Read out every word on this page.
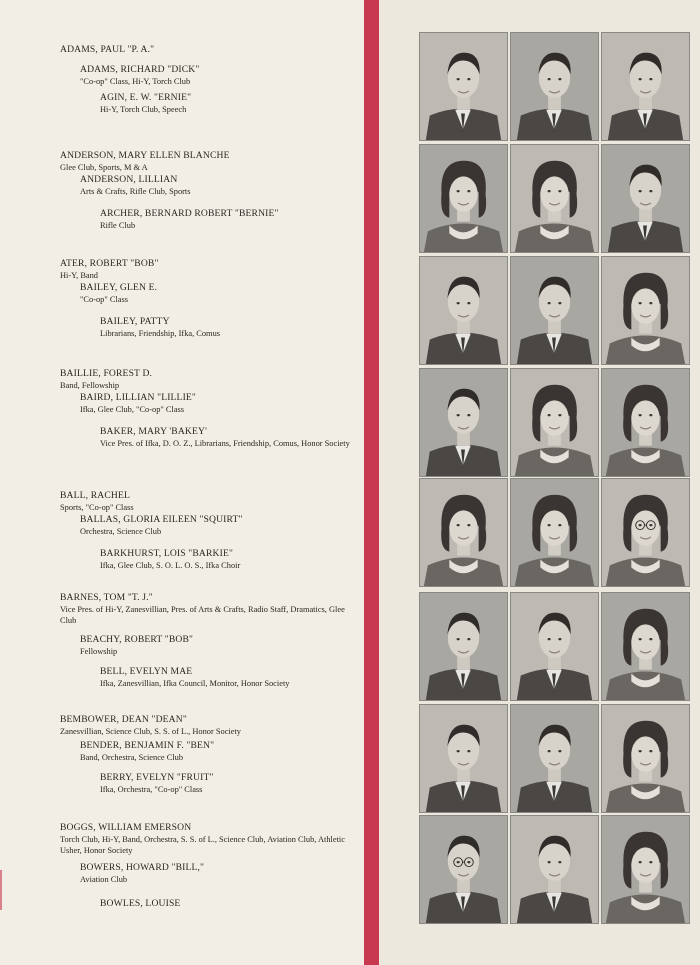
ADAMS, PAUL "P. A."
ADAMS, RICHARD "DICK"
"Co-op" Class, Hi-Y, Torch Club
AGIN, E. W. "ERNIE"
Hi-Y, Torch Club, Speech
ANDERSON, MARY ELLEN BLANCHE
Glee Club, Sports, M & A
ANDERSON, LILLIAN
Arts & Crafts, Rifle Club, Sports
ARCHER, BERNARD ROBERT "BERNIE"
Rifle Club
ATER, ROBERT "BOB"
Hi-Y, Band
BAILEY, GLEN E.
"Co-op" Class
BAILEY, PATTY
Librarians, Friendship, Ifka, Comus
BAILLIE, FOREST D.
Band, Fellowship
BAIRD, LILLIAN "LILLIE"
Ifka, Glee Club, "Co-op" Class
BAKER, MARY 'BAKEY'
Vice Pres. of Ifka, D. O. Z., Librarians, Friendship, Comus, Honor Society
BALL, RACHEL
Sports, "Co-op" Class
BALLAS, GLORIA EILEEN "SQUIRT"
Orchestra, Science Club
BARKHURST, LOIS "BARKIE"
Ifka, Glee Club, S. O. L. O. S., Ifka Choir
BARNES, TOM "T. J."
Vice Pres. of Hi-Y, Zanesvillian, Pres. of Arts & Crafts, Radio Staff, Dramatics, Glee Club
BEACHY, ROBERT "BOB"
Fellowship
BELL, EVELYN MAE
Ifka, Zanesvillian, Ifka Council, Monitor, Honor Society
BEMBOWER, DEAN "DEAN"
Zanesvillian, Science Club, S. S. of L., Honor Society
BENDER, BENJAMIN F. "BEN"
Band, Orchestra, Science Club
BERRY, EVELYN "FRUIT"
Ifka, Orchestra, "Co-op" Class
BOGGS, WILLIAM EMERSON
Torch Club, Hi-Y, Band, Orchestra, S. S. of L., Science Club, Aviation Club, Athletic Usher, Honor Society
BOWERS, HOWARD "BILL,"
Aviation Club
BOWLES, LOUISE
